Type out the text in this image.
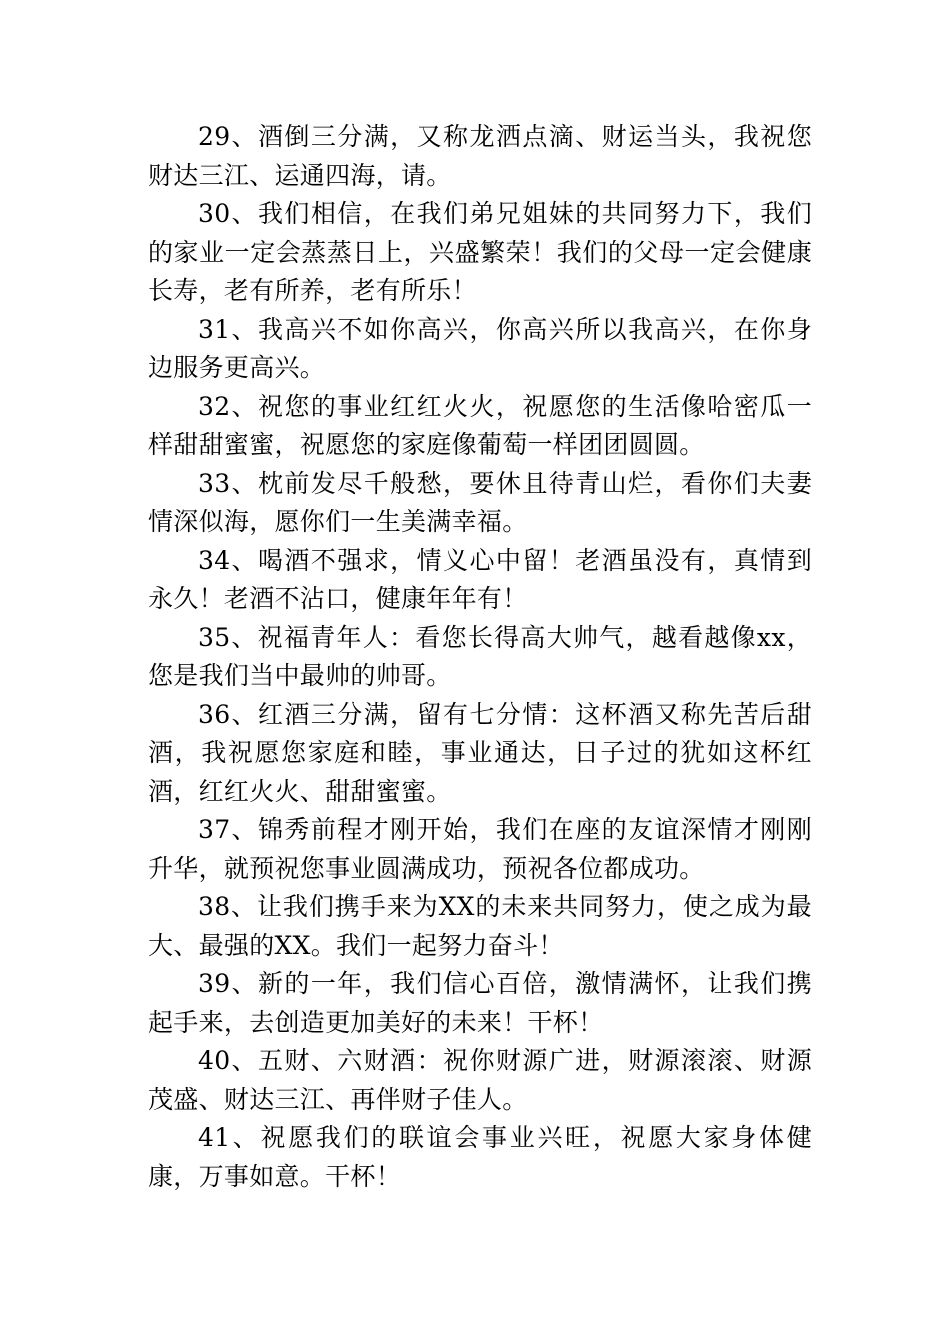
29、酒倒三分满，又称龙洒点滴、财运当头，我祝您财达三江、运通四海，请。

30、我们相信，在我们弟兄姐妹的共同努力下，我们的家业一定会蒸蒸日上，兴盛繁荣！我们的父母一定会健康长寿，老有所养，老有所乐！

31、我高兴不如你高兴，你高兴所以我高兴，在你身边服务更高兴。

32、祝您的事业红红火火，祝愿您的生活像哈密瓜一样甜甜蜜蜜，祝愿您的家庭像葡萄一样团团圆圆。

33、枕前发尽千般愁，要休且待青山烂，看你们夫妻情深似海，愿你们一生美满幸福。

34、喝酒不强求，情义心中留！老酒虽没有，真情到永久！老酒不沾口，健康年年有！

35、祝福青年人：看您长得高大帅气，越看越像xx，您是我们当中最帅的帅哥。

36、红酒三分满，留有七分情：这杯酒又称先苦后甜酒，我祝愿您家庭和睦，事业通达，日子过的犹如这杯红酒，红红火火、甜甜蜜蜜。

37、锦秀前程才刚开始，我们在座的友谊深情才刚刚升华，就预祝您事业圆满成功，预祝各位都成功。

38、让我们携手来为XX的未来共同努力，使之成为最大、最强的XX。我们一起努力奋斗！

39、新的一年，我们信心百倍，激情满怀，让我们携起手来，去创造更加美好的未来！干杯！

40、五财、六财酒：祝你财源广进，财源滚滚、财源茂盛、财达三江、再伴财子佳人。

41、祝愿我们的联谊会事业兴旺，祝愿大家身体健康，万事如意。干杯！
